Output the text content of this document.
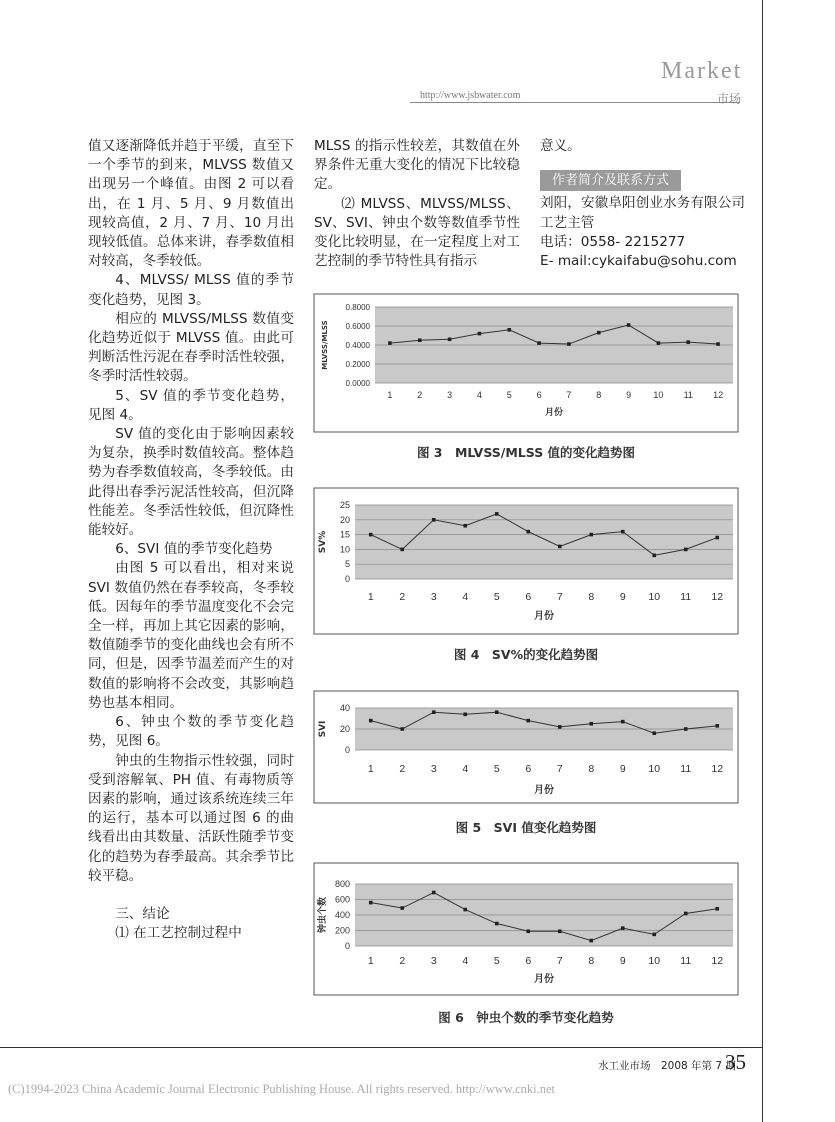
Market
http://www.jsbwater.com	市场

值又逐渐降低并趋于平缓，直至下一个季节的到来，MLVSS 数值又出现另一个峰值。由图 2 可以看出，在 1 月、5 月、9 月数值出现较高值，2 月、7 月、10 月出现较低值。总体来讲，春季数值相对较高，冬季较低。

4、MLVSS/ MLSS 值的季节变化趋势，见图 3。

相应的 MLVSS/MLSS 数值变化趋势近似于 MLVSS 值。由此可判断活性污泥在春季时活性较强，冬季时活性较弱。

5、SV 值的季节变化趋势，见图 4。

SV 值的变化由于影响因素较为复杂，换季时数值较高。整体趋势为春季数值较高，冬季较低。由此得出春季污泥活性较高，但沉降性能差。冬季活性较低，但沉降性能较好。

6、SVI 值的季节变化趋势

由图 5 可以看出，相对来说 SVI 数值仍然在春季较高，冬季较低。因每年的季节温度变化不会完全一样，再加上其它因素的影响，数值随季节的变化曲线也会有所不同，但是，因季节温差而产生的对数值的影响将不会改变，其影响趋势也基本相同。

6、钟虫个数的季节变化趋势，见图 6。

钟虫的生物指示性较强，同时受到溶解氧、PH 值、有毒物质等因素的影响，通过该系统连续三年的运行，基本可以通过图 6 的曲线看出由其数量、活跃性随季节变化的趋势为春季最高。其余季节比较平稳。

三、结论

⑴ 在工艺控制过程中

MLSS 的指示性较差，其数值在外界条件无重大变化的情况下比较稳定。

⑵ MLVSS、MLVSS/MLSS、SV、SVI、钟虫个数等数值季节性变化比较明显，在一定程度上对工艺控制的季节特性具有指示

意义。

作者简介及联系方式

刘阳，安徽阜阳创业水务有限公司工艺主管

电话：0558- 2215277

E- mail:cykaifabu@sohu.com

0.0000
0.2000
0.4000
0.6000
0.8000
MLVSS/MLSS
1	2	3	4	5	6	7	8	9 10 11 12
月份
图 3　MLVSS/MLSS 值的变化趋势图
0
5
10
15
20
25
SV%
1 2 3 4 5 6 7 8 9 10 11 12
月份
图 4　SV%的变化趋势图
0
20
40
SVI
1 2 3 4 5 6 7 8 9 10 11 12
月份
图 5　SVI 值变化趋势图
0
200
400
600
800
钟虫个数
1 2 3 4 5 6 7 8 9 10 11 12
月份
图 6　钟虫个数的季节变化趋势
水工业市场　2008 年第 7 期
35
(C)1994-2023 China Academic Journal Electronic Publishing House. All rights reserved. http://www.cnki.net
